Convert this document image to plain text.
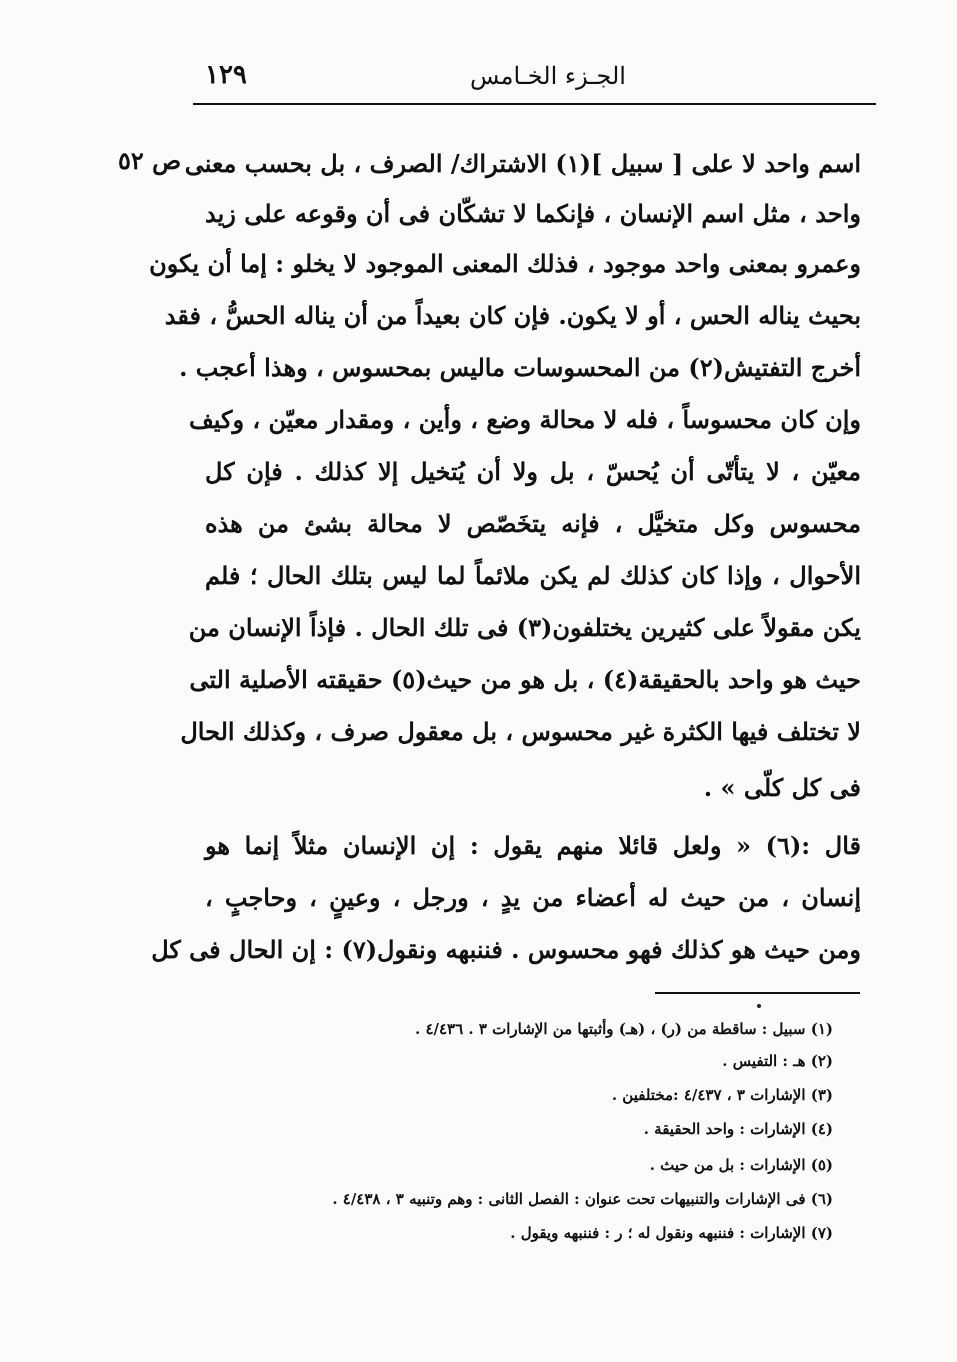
١٢٩	الجـزء الخـامس
ص ٥٢ اسم واحد لا على [ سبيل ](١) الاشتراك/ الصرف ، بل بحسب معنى
واحد ، مثل اسم الإنسان ، فإنكما لا تشكّان فى أن وقوعه على زيد
وعمرو بمعنى واحد موجود ، فذلك المعنى الموجود لا يخلو : إما أن يكون
بحيث يناله الحس ، أو لا يكون. فإن كان بعيداً من أن يناله الحسُّ ، فقد
أخرج التفتيش(٢) من المحسوسات ماليس بمحسوس ، وهذا أعجب .
وإن كان محسوساً ، فله لا محالة وضع ، وأين ، ومقدار معيّن ، وكيف
معيّن ، لا يتأتّى أن يُحسّ ، بل ولا أن يُتخيل إلا كذلك . فإن كل
محسوس وكل متخيَّل ، فإنه يتخَصّص لا محالة بشئ من هذه
الأحوال ، وإذا كان كذلك لم يكن ملائماً لما ليس بتلك الحال ؛ فلم
يكن مقولاً على كثيرين يختلفون(٣) فى تلك الحال . فإذاً الإنسان من
حيث هو واحد بالحقيقة(٤) ، بل هو من حيث(٥) حقيقته الأصلية التى
لا تختلف فيها الكثرة غير محسوس ، بل معقول صرف ، وكذلك الحال
فى كل كلّى » .
قال :(٦) « ولعل قائلا منهم يقول : إن الإنسان مثلاً إنما هو
إنسان ، من حيث له أعضاء من يدٍ ، ورجل ، وعينٍ ، وحاجبٍ ،
ومن حيث هو كذلك فهو محسوس . فننبهه ونقول(٧) : إن الحال فى كل
(١) سبيل : ساقطة من (ر) ، (هـ) وأثبتها من الإشارات ٣ . ٤/٤٣٦ .
(٢) هـ : التفيس .
(٣) الإشارات ٣ ، ٤/٤٣٧ :مختلفين .
(٤) الإشارات : واحد الحقيقة .
(٥) الإشارات : بل من حيث .
(٦) فى الإشارات والتنبيهات تحت عنوان : الفصل الثانى : وهم وتنبيه ٣ ، ٤/٤٣٨ .
(٧) الإشارات : فننبهه ونقول له ؛ ر : فننبهه ويقول .
